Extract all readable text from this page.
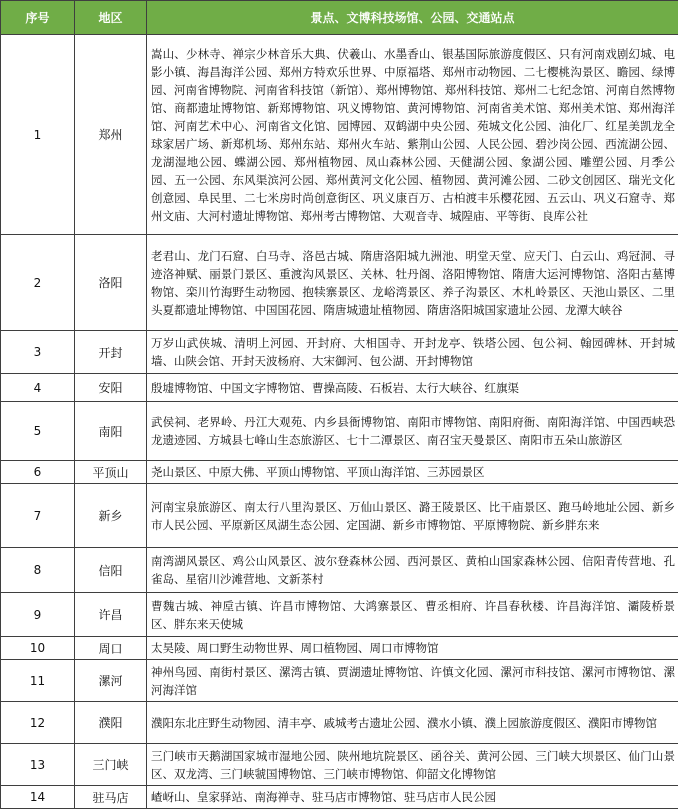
序号	地区	景点、文博科技场馆、公园、交通站点
1	郑州	嵩山、少林寺、禅宗少林音乐大典、伏羲山、水墨香山、银基国际旅游度假区、只有河南戏剧幻城、电影小镇、海昌海洋公园、郑州方特欢乐世界、中原福塔、郑州市动物园、二七樱桃沟景区、瞻园、绿博园、河南省博物院、河南省科技馆（新馆）、郑州博物馆、郑州科技馆、郑州二七纪念馆、河南自然博物馆、商都遗址博物馆、新郑博物馆、巩义博物馆、黄河博物馆、河南省美术馆、郑州美术馆、郑州海洋馆、河南艺术中心、河南省文化馆、园博园、双鹤湖中央公园、苑城文化公园、油化厂、红星美凯龙全球家居广场、新郑机场、郑州东站、郑州火车站、紫荆山公园、人民公园、碧沙岗公园、西流湖公园、龙湖湿地公园、蝶湖公园、郑州植物园、凤山森林公园、天健湖公园、象湖公园、雕塑公园、月季公园、五一公园、东风渠滨河公园、郑州黄河文化公园、植物园、黄河滩公园、二砂文创园区、瑞光文化创意园、阜民里、二七米房时尚创意街区、巩义康百万、古柏渡丰乐樱花园、五云山、巩义石窟寺、郑州文庙、大河村遗址博物馆、郑州考古博物馆、大观音寺、城隍庙、平等街、良库公社
2	洛阳	老君山、龙门石窟、白马寺、洛邑古城、隋唐洛阳城九洲池、明堂天堂、应天门、白云山、鸡冠洞、寻迹洛神赋、丽景门景区、重渡沟风景区、关林、牡丹阁、洛阳博物馆、隋唐大运河博物馆、洛阳古墓博物馆、栾川竹海野生动物园、抱犊寨景区、龙峪湾景区、养子沟景区、木札岭景区、天池山景区、二里头夏都遗址博物馆、中国国花园、隋唐城遗址植物园、隋唐洛阳城国家遗址公园、龙潭大峡谷
3	开封	万岁山武侠城、清明上河园、开封府、大相国寺、开封龙亭、铁塔公园、包公祠、翰园碑林、开封城墙、山陕会馆、开封天波杨府、大宋御河、包公湖、开封博物馆
4	安阳	殷墟博物馆、中国文字博物馆、曹操高陵、石板岩、太行大峡谷、红旗渠
5	南阳	武侯祠、老界岭、丹江大观苑、内乡县衙博物馆、南阳市博物馆、南阳府衙、南阳海洋馆、中国西峡恐龙遗迹园、方城县七峰山生态旅游区、七十二潭景区、南召宝天曼景区、南阳市五朵山旅游区
6	平顶山	尧山景区、中原大佛、平顶山博物馆、平顶山海洋馆、三苏园景区
7	新乡	河南宝泉旅游区、南太行八里沟景区、万仙山景区、潞王陵景区、比干庙景区、跑马岭地址公园、新乡市人民公园、平原新区凤湖生态公园、定国湖、新乡市博物馆、平原博物院、新乡胖东来
8	信阳	南湾湖风景区、鸡公山风景区、波尔登森林公园、西河景区、黄柏山国家森林公园、信阳青传营地、孔雀岛、星宿川沙滩营地、文新茶村
9	许昌	曹魏古城、神垕古镇、许昌市博物馆、大鸿寨景区、曹丞相府、许昌春秋楼、许昌海洋馆、灞陵桥景区、胖东来天使城
10	周口	太昊陵、周口野生动物世界、周口植物园、周口市博物馆
11	漯河	神州鸟园、南街村景区、漯湾古镇、贾湖遗址博物馆、许慎文化园、漯河市科技馆、漯河市博物馆、漯河海洋馆
12	濮阳	濮阳东北庄野生动物园、清丰亭、戚城考古遗址公园、濮水小镇、濮上园旅游度假区、濮阳市博物馆
13	三门峡	三门峡市天鹅湖国家城市湿地公园、陕州地坑院景区、函谷关、黄河公园、三门峡大坝景区、仙门山景区、双龙湾、三门峡虢国博物馆、三门峡市博物馆、仰韶文化博物馆
14	驻马店	嵖岈山、皇家驿站、南海禅寺、驻马店市博物馆、驻马店市人民公园
